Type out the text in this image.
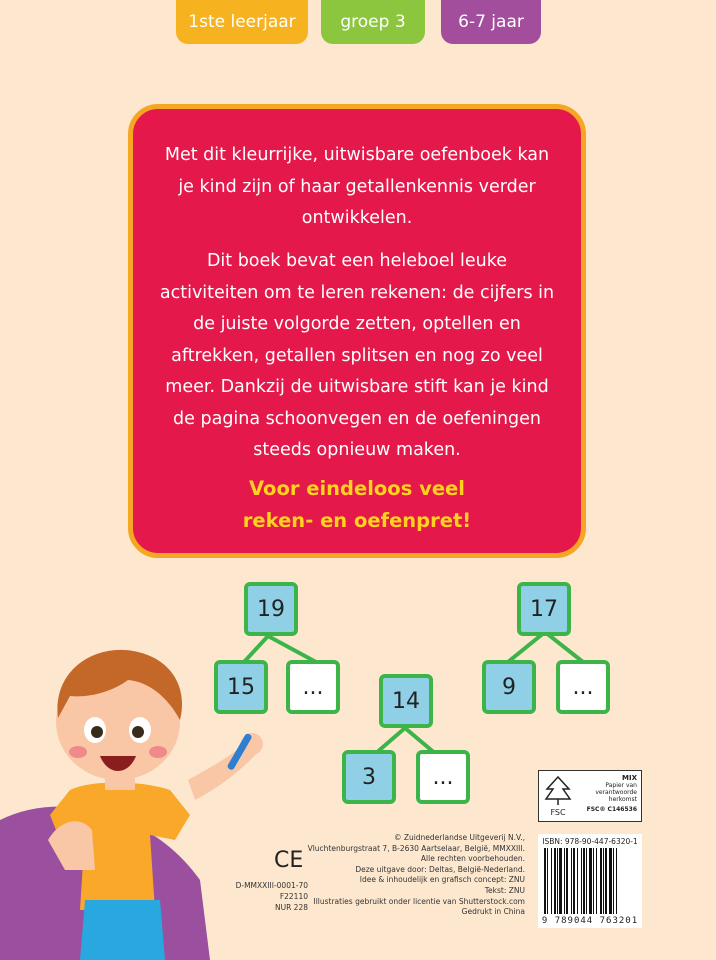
1ste leerjaar	groep 3	6-7 jaar
Met dit kleurrijke, uitwisbare oefenboek kan je kind zijn of haar getallenkennis verder ontwikkelen.
Dit boek bevat een heleboel leuke activiteiten om te leren rekenen: de cijfers in de juiste volgorde zetten, optellen en aftrekken, getallen splitsen en nog zo veel meer. Dankzij de uitwisbare stift kan je kind de pagina schoonvegen en de oefeningen steeds opnieuw maken.
Voor eindeloos veel
reken- en oefenpret!
19
15 ...
14
3	...
17
9	...
FSC
MIX
Papier van verantwoorde herkomst
FSC® C146536
CE
D-MMXXIII-0001-70
F22110
NUR 228
© Zuidnederlandse Uitgeverij N.V.,
Vluchtenburgstraat 7, B-2630 Aartselaar, België, MMXXIII.
Alle rechten voorbehouden.
Deze uitgave door: Deltas, België-Nederland.
Idee & inhoudelijk en grafisch concept: ZNU
Tekst: ZNU
Illustraties gebruikt onder licentie van Shutterstock.com
Gedrukt in China
ISBN: 978-90-447-6320-1
9 789044 763201
